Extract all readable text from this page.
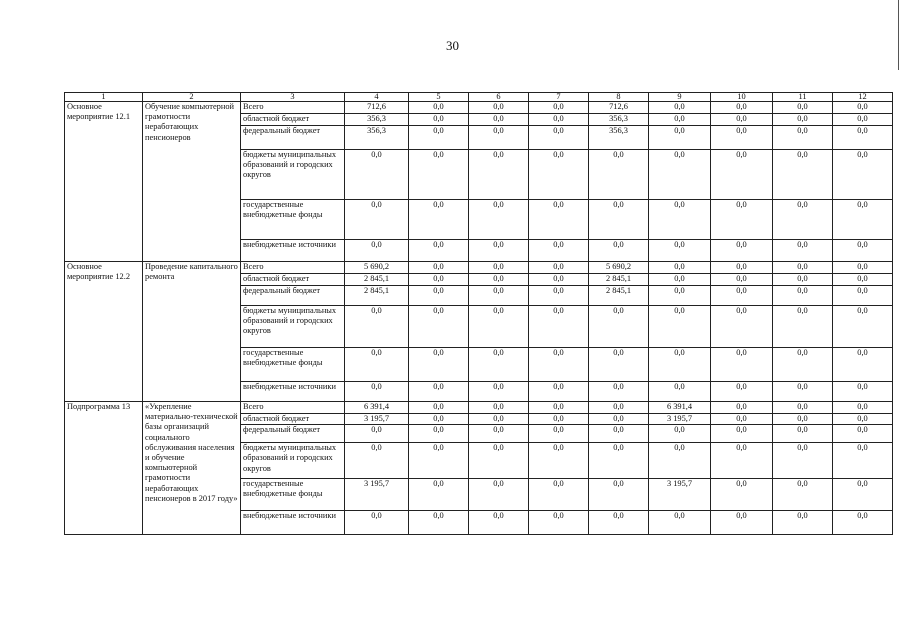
30
1	2	3	4	5	6	7	8	9	10	11	12
Основное мероприятие 12.1	Обучение компьютерной грамотности неработающих пенсионеров	Всего	712,6	0,0	0,0	0,0	712,6	0,0	0,0	0,0	0,0
		областной бюджет	356,3	0,0	0,0	0,0	356,3	0,0	0,0	0,0	0,0
		федеральный бюджет	356,3	0,0	0,0	0,0	356,3	0,0	0,0	0,0	0,0
		бюджеты муниципальных образований и городских округов	0,0	0,0	0,0	0,0	0,0	0,0	0,0	0,0	0,0
		государственные внебюджетные фонды	0,0	0,0	0,0	0,0	0,0	0,0	0,0	0,0	0,0
		внебюджетные источники	0,0	0,0	0,0	0,0	0,0	0,0	0,0	0,0	0,0
Основное мероприятие 12.2	Проведение капитального ремонта	Всего	5 690,2	0,0	0,0	0,0	5 690,2	0,0	0,0	0,0	0,0
		областной бюджет	2 845,1	0,0	0,0	0,0	2 845,1	0,0	0,0	0,0	0,0
		федеральный бюджет	2 845,1	0,0	0,0	0,0	2 845,1	0,0	0,0	0,0	0,0
		бюджеты муниципальных образований и городских округов	0,0	0,0	0,0	0,0	0,0	0,0	0,0	0,0	0,0
		государственные внебюджетные фонды	0,0	0,0	0,0	0,0	0,0	0,0	0,0	0,0	0,0
		внебюджетные источники	0,0	0,0	0,0	0,0	0,0	0,0	0,0	0,0	0,0
Подпрограмма 13	«Укрепление материально-технической базы организаций социального обслуживания населения и обучение компьютерной грамотности неработающих пенсионеров в 2017 году»	Всего	6 391,4	0,0	0,0	0,0	0,0	6 391,4	0,0	0,0	0,0
		областной бюджет	3 195,7	0,0	0,0	0,0	0,0	3 195,7	0,0	0,0	0,0
		федеральный бюджет	0,0	0,0	0,0	0,0	0,0	0,0	0,0	0,0	0,0
		бюджеты муниципальных образований и городских округов	0,0	0,0	0,0	0,0	0,0	0,0	0,0	0,0	0,0
		государственные внебюджетные фонды	3 195,7	0,0	0,0	0,0	0,0	3 195,7	0,0	0,0	0,0
		внебюджетные источники	0,0	0,0	0,0	0,0	0,0	0,0	0,0	0,0	0,0
